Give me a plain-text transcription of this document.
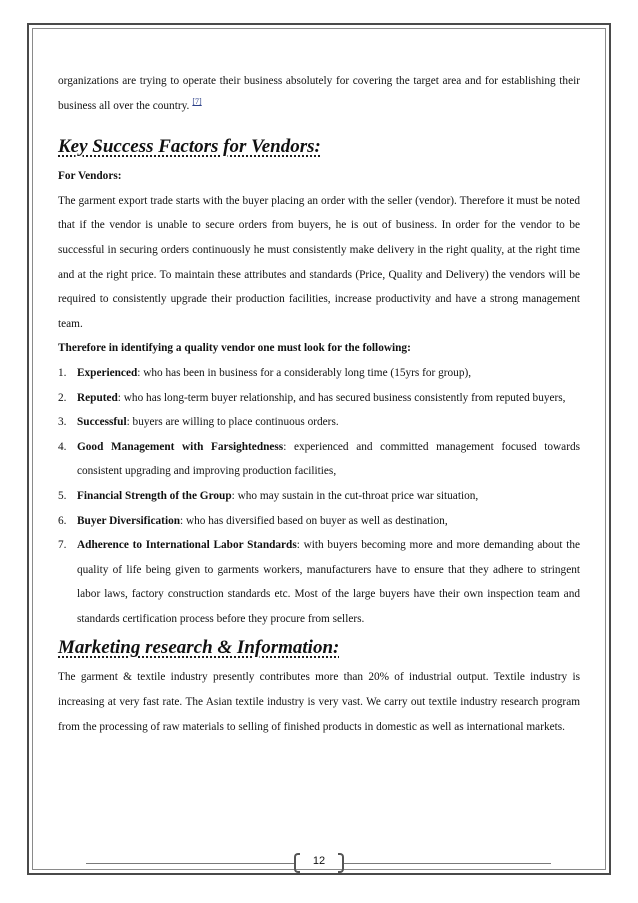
organizations are trying to operate their business absolutely for covering the target area and for establishing their business all over the country. [7]

Key Success Factors for Vendors:
For Vendors:

The garment export trade starts with the buyer placing an order with the seller (vendor). Therefore it must be noted that if the vendor is unable to secure orders from buyers, he is out of business. In order for the vendor to be successful in securing orders continuously he must consistently make delivery in the right quality, at the right time and at the right price. To maintain these attributes and standards (Price, Quality and Delivery) the vendors will be required to consistently upgrade their production facilities, increase productivity and have a strong management team.

Therefore in identifying a quality vendor one must look for the following:
1. Experienced: who has been in business for a considerably long time (15yrs for group),
2. Reputed: who has long-term buyer relationship, and has secured business consistently from reputed buyers,
3. Successful: buyers are willing to place continuous orders.
4. Good Management with Farsightedness: experienced and committed management focused towards consistent upgrading and improving production facilities,
5. Financial Strength of the Group: who may sustain in the cut-throat price war situation,
6. Buyer Diversification: who has diversified based on buyer as well as destination,
7. Adherence to International Labor Standards: with buyers becoming more and more demanding about the quality of life being given to garments workers, manufacturers have to ensure that they adhere to stringent labor laws, factory construction standards etc. Most of the large buyers have their own inspection team and standards certification process before they procure from sellers.
Marketing research & Information:

The garment & textile industry presently contributes more than 20% of industrial output. Textile industry is increasing at very fast rate. The Asian textile industry is very vast. We carry out textile industry research program from the processing of raw materials to selling of finished products in domestic as well as international markets.

12
